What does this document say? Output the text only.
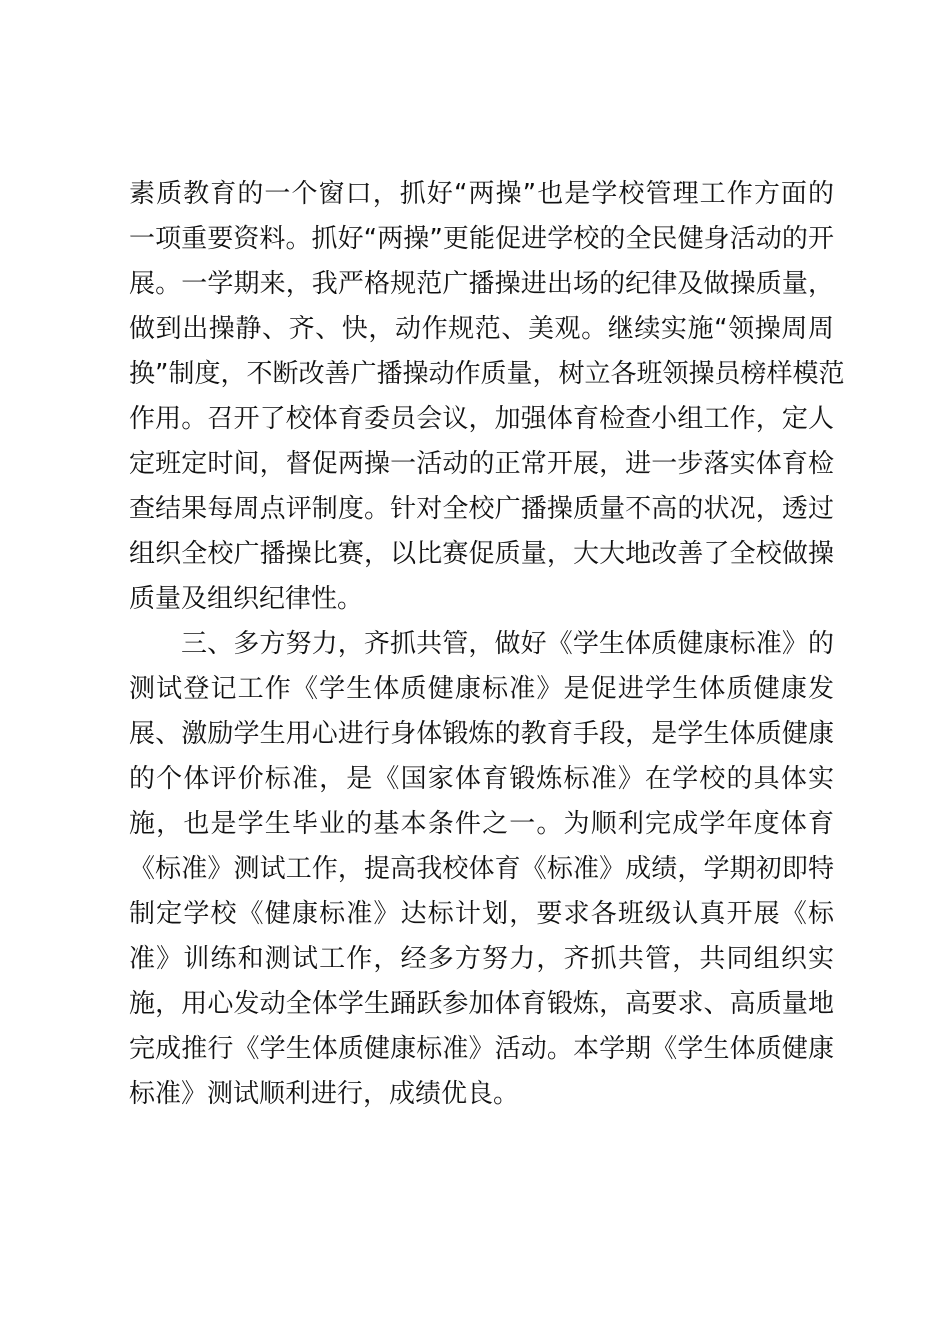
素质教育的一个窗口，抓好“两操”也是学校管理工作方面的
一项重要资料。抓好“两操”更能促进学校的全民健身活动的开
展。一学期来，我严格规范广播操进出场的纪律及做操质量，
做到出操静、齐、快，动作规范、美观。继续实施“领操周周
换”制度，不断改善广播操动作质量，树立各班领操员榜样模范
作用。召开了校体育委员会议，加强体育检查小组工作，定人
定班定时间，督促两操一活动的正常开展，进一步落实体育检
查结果每周点评制度。针对全校广播操质量不高的状况，透过
组织全校广播操比赛，以比赛促质量，大大地改善了全校做操
质量及组织纪律性。
三、多方努力，齐抓共管，做好《学生体质健康标准》的
测试登记工作《学生体质健康标准》是促进学生体质健康发
展、激励学生用心进行身体锻炼的教育手段，是学生体质健康
的个体评价标准，是《国家体育锻炼标准》在学校的具体实
施，也是学生毕业的基本条件之一。为顺利完成学年度体育
《标准》测试工作，提高我校体育《标准》成绩，学期初即特
制定学校《健康标准》达标计划，要求各班级认真开展《标
准》训练和测试工作，经多方努力，齐抓共管，共同组织实
施，用心发动全体学生踊跃参加体育锻炼，高要求、高质量地
完成推行《学生体质健康标准》活动。本学期《学生体质健康
标准》测试顺利进行，成绩优良。
